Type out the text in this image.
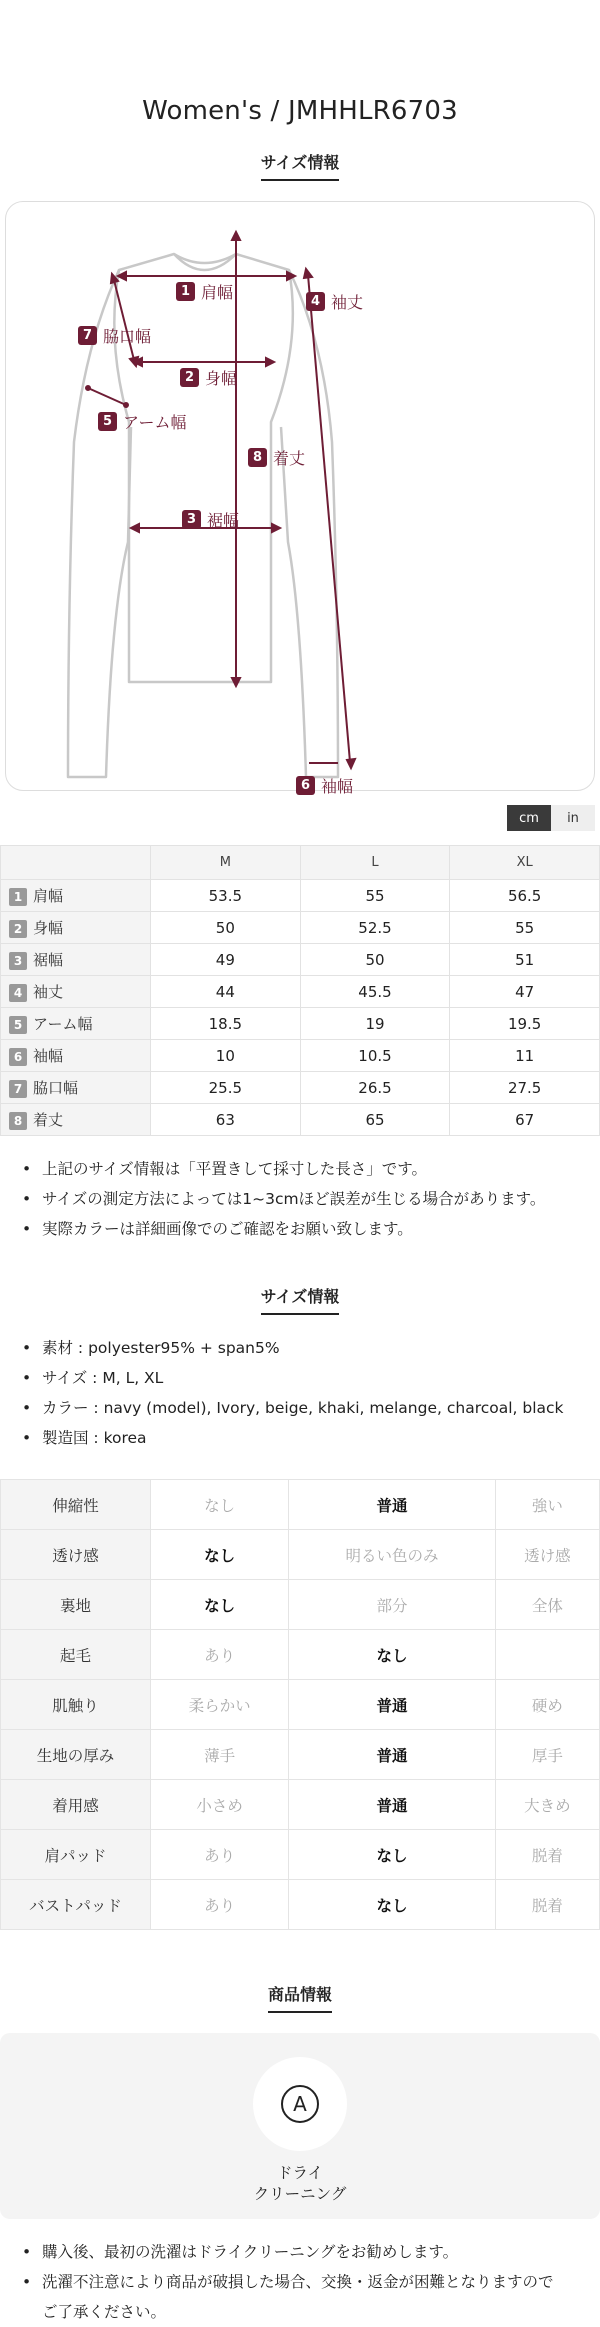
Women's / JMHHLR6703
サイズ情報
1 肩幅
2 身幅
3 裾幅
4 袖丈
5 アーム幅
6 袖幅
7 脇口幅
8 着丈
cm	in
	M	L	XL
1 肩幅	53.5	55	56.5
2 身幅	50	52.5	55
3 裾幅	49	50	51
4 袖丈	44	45.5	47
5 アーム幅	18.5	19	19.5
6 袖幅	10	10.5	11
7 脇口幅	25.5	26.5	27.5
8 着丈	63	65	67
• 上記のサイズ情報は「平置きして採寸した長さ」です。
• サイズの測定方法によっては1~3cmほど誤差が生じる場合があります。
• 実際カラーは詳細画像でのご確認をお願い致します。
サイズ情報
• 素材 : polyester95% + span5%
• サイズ : M, L, XL
• カラー : navy (model), Ivory, beige, khaki, melange, charcoal, black
• 製造国 : korea
伸縮性	なし	普通	強い
透け感	なし	明るい色のみ	透け感
裏地	なし	部分	全体
起毛	あり	なし	
肌触り	柔らかい	普通	硬め
生地の厚み	薄手	普通	厚手
着用感	小さめ	普通	大きめ
肩パッド	あり	なし	脱着
バストパッド	あり	なし	脱着
商品情報
A
ドライ
クリーニング
• 購入後、最初の洗濯はドライクリーニングをお勧めします。
• 洗濯不注意により商品が破損した場合、交換・返金が困難となりますので
ご了承ください。
